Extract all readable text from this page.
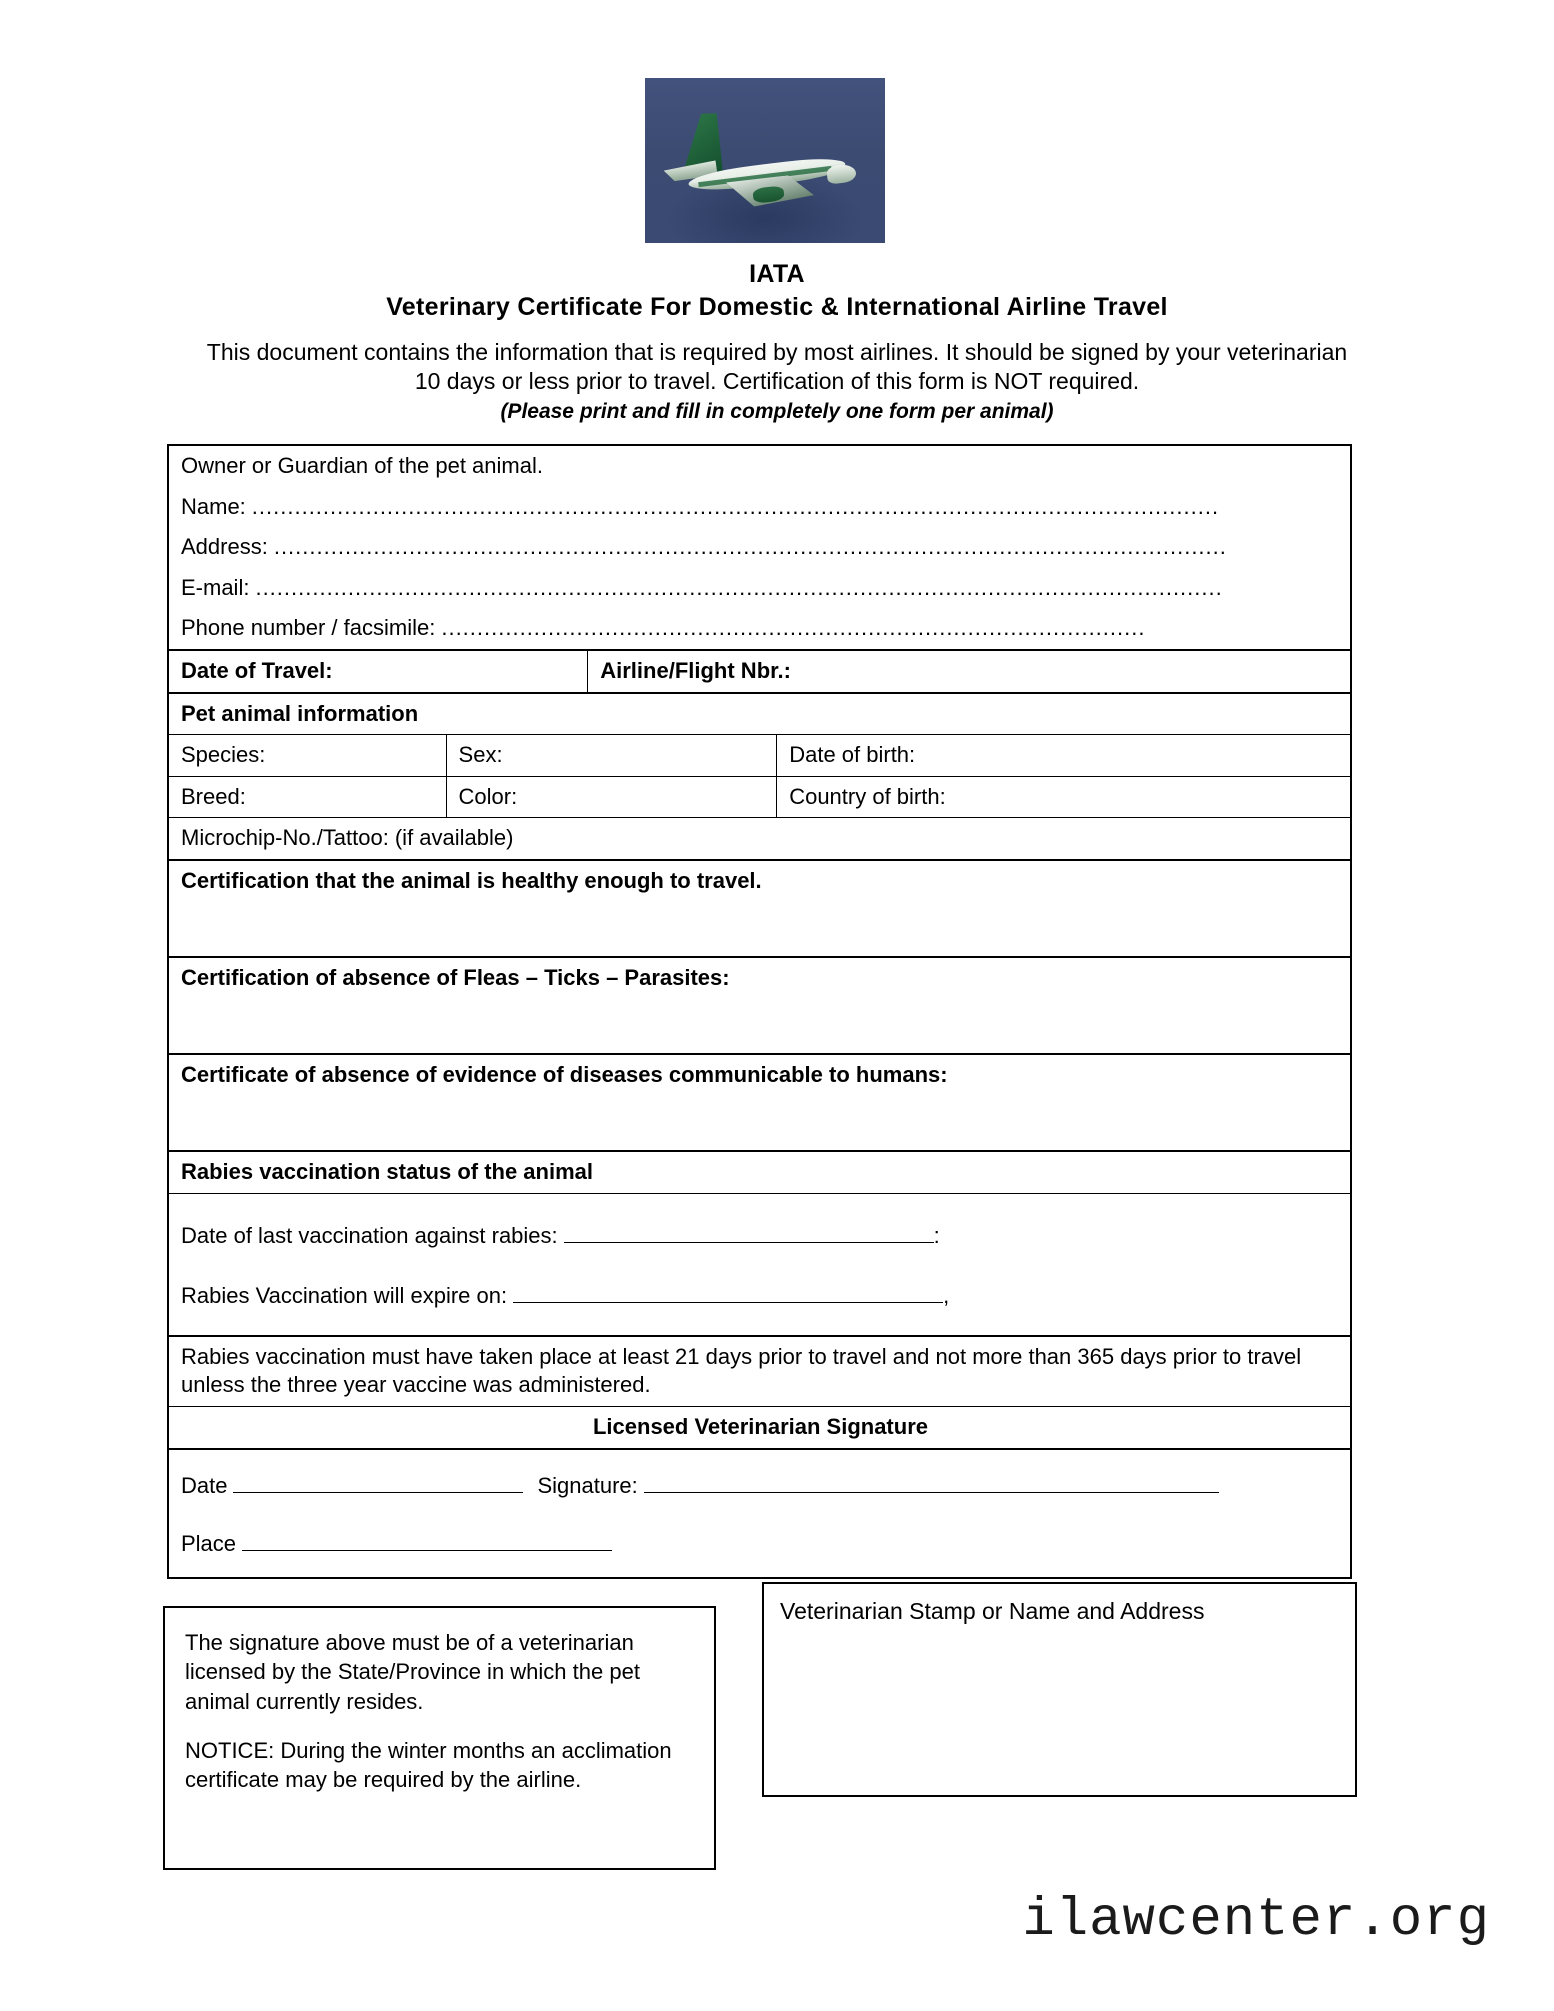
IATA
Veterinary Certificate For Domestic & International Airline Travel
This document contains the information that is required by most airlines. It should be signed by your veterinarian 10 days or less prior to travel. Certification of this form is NOT required.
(Please print and fill in completely one form per animal)
Owner or Guardian of the pet animal.
Name: ........................................................................................................................................
Address: ......................................................................................................................................
E-mail: ........................................................................................................................................
Phone number / facsimile: ...................................................................................................
Date of Travel:	Airline/Flight Nbr.:
Pet animal information
Species:	Sex:	Date of birth:
Breed:	Color:	Country of birth:
Microchip-No./Tattoo: (if available)
Certification that the animal is healthy enough to travel.
Certification of absence of Fleas – Ticks – Parasites:
Certificate of absence of evidence of diseases communicable to humans:
Rabies vaccination status of the animal
Date of last vaccination against rabies:	:
Rabies Vaccination will expire on:	,
Rabies vaccination must have taken place at least 21 days prior to travel and not more than 365 days prior to travel unless the three year vaccine was administered.
Licensed Veterinarian Signature
Date	Signature:
Place
The signature above must be of a veterinarian licensed by the State/Province in which the pet animal currently resides.
NOTICE: During the winter months an acclimation certificate may be required by the airline.
Veterinarian Stamp or Name and Address
ilawcenter.org
